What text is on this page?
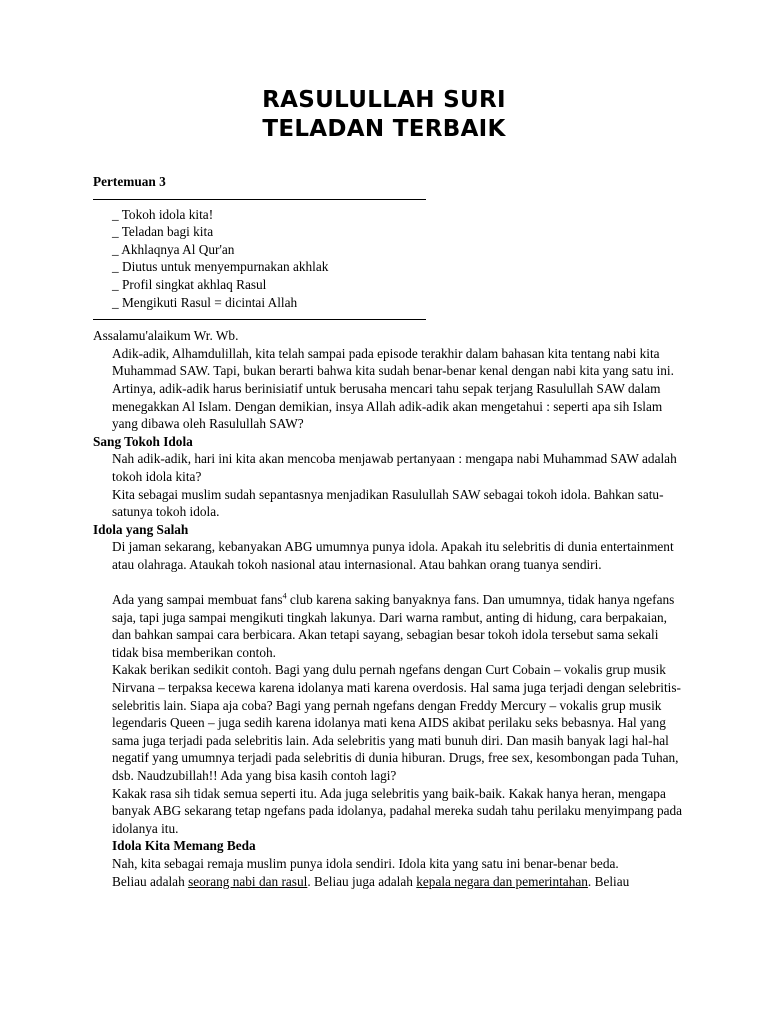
RASULULLAH SURI
TELADAN TERBAIK

Pertemuan 3

_ Tokoh idola kita!

_ Teladan bagi kita

_ Akhlaqnya Al Qur'an

_ Diutus untuk menyempurnakan akhlak

_ Profil singkat akhlaq Rasul

_ Mengikuti Rasul = dicintai Allah

Assalamu'alaikum Wr. Wb.

Adik-adik, Alhamdulillah, kita telah sampai pada episode terakhir dalam bahasan kita tentang nabi kita Muhammad SAW. Tapi, bukan berarti bahwa kita sudah benar-benar kenal dengan nabi kita yang satu ini. Artinya, adik-adik harus berinisiatif untuk berusaha mencari tahu sepak terjang Rasulullah SAW dalam menegakkan Al Islam. Dengan demikian, insya Allah adik-adik akan mengetahui : seperti apa sih Islam yang dibawa oleh Rasulullah SAW?

Sang Tokoh Idola

Nah adik-adik, hari ini kita akan mencoba menjawab pertanyaan : mengapa nabi Muhammad SAW adalah tokoh idola kita?

Kita sebagai muslim sudah sepantasnya menjadikan Rasulullah SAW sebagai tokoh idola. Bahkan satu-satunya tokoh idola.

Idola yang Salah

Di jaman sekarang, kebanyakan ABG umumnya punya idola. Apakah itu selebritis di dunia entertainment atau olahraga. Ataukah tokoh nasional atau internasional. Atau bahkan orang tuanya sendiri.

Ada yang sampai membuat fans$^4$ club karena saking banyaknya fans. Dan umumnya, tidak hanya ngefans saja, tapi juga sampai mengikuti tingkah lakunya. Dari warna rambut, anting di hidung, cara berpakaian, dan bahkan sampai cara berbicara. Akan tetapi sayang, sebagian besar tokoh idola tersebut sama sekali tidak bisa memberikan contoh.

Kakak berikan sedikit contoh. Bagi yang dulu pernah ngefans dengan Curt Cobain – vokalis grup musik Nirvana – terpaksa kecewa karena idolanya mati karena overdosis. Hal sama juga terjadi dengan selebritis-selebritis lain. Siapa aja coba? Bagi yang pernah ngefans dengan Freddy Mercury – vokalis grup musik legendaris Queen – juga sedih karena idolanya mati kena AIDS akibat perilaku seks bebasnya. Hal yang sama juga terjadi pada selebritis lain. Ada selebritis yang mati bunuh diri. Dan masih banyak lagi hal-hal negatif yang umumnya terjadi pada selebritis di dunia hiburan. Drugs, free sex, kesombongan pada Tuhan, dsb. Naudzubillah!! Ada yang bisa kasih contoh lagi?

Kakak rasa sih tidak semua seperti itu. Ada juga selebritis yang baik-baik. Kakak hanya heran, mengapa banyak ABG sekarang tetap ngefans pada idolanya, padahal mereka sudah tahu perilaku menyimpang pada idolanya itu.

Idola Kita Memang Beda

Nah, kita sebagai remaja muslim punya idola sendiri. Idola kita yang satu ini benar-benar beda.
Beliau adalah seorang nabi dan rasul. Beliau juga adalah kepala negara dan pemerintahan. Beliau
